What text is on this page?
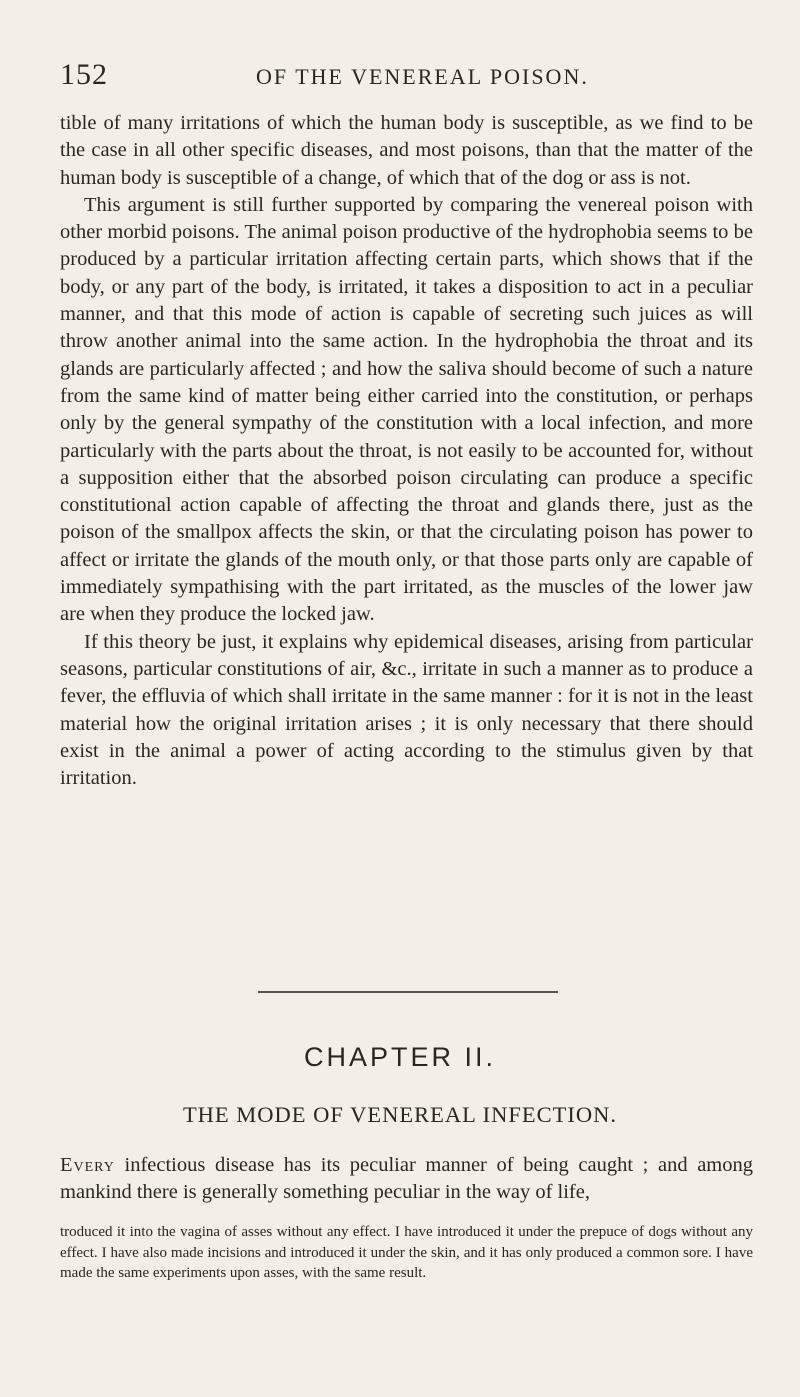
152	OF THE VENEREAL POISON.

tible of many irritations of which the human body is susceptible, as we find to be the case in all other specific diseases, and most poisons, than that the matter of the human body is susceptible of a change, of which that of the dog or ass is not.

This argument is still further supported by comparing the venereal poison with other morbid poisons. The animal poison productive of the hydrophobia seems to be produced by a particular irritation affecting certain parts, which shows that if the body, or any part of the body, is irritated, it takes a disposition to act in a peculiar manner, and that this mode of action is capable of secreting such juices as will throw another animal into the same action. In the hydrophobia the throat and its glands are particularly affected ; and how the saliva should become of such a nature from the same kind of matter being either carried into the constitution, or perhaps only by the general sympathy of the constitution with a local infection, and more particularly with the parts about the throat, is not easily to be accounted for, without a supposition either that the absorbed poison circulating can produce a specific constitutional action capable of affecting the throat and glands there, just as the poison of the smallpox affects the skin, or that the circulating poison has power to affect or irritate the glands of the mouth only, or that those parts only are capable of immediately sympathising with the part irritated, as the muscles of the lower jaw are when they produce the locked jaw.

If this theory be just, it explains why epidemical diseases, arising from particular seasons, particular constitutions of air, &c., irritate in such a manner as to produce a fever, the effluvia of which shall irritate in the same manner : for it is not in the least material how the original irritation arises ; it is only necessary that there should exist in the animal a power of acting according to the stimulus given by that irritation.

CHAPTER II.
THE MODE OF VENEREAL INFECTION.
Every infectious disease has its peculiar manner of being caught ; and among mankind there is generally something peculiar in the way of life,
troduced it into the vagina of asses without any effect. I have introduced it under the prepuce of dogs without any effect. I have also made incisions and introduced it under the skin, and it has only produced a common sore. I have made the same experiments upon asses, with the same result.
